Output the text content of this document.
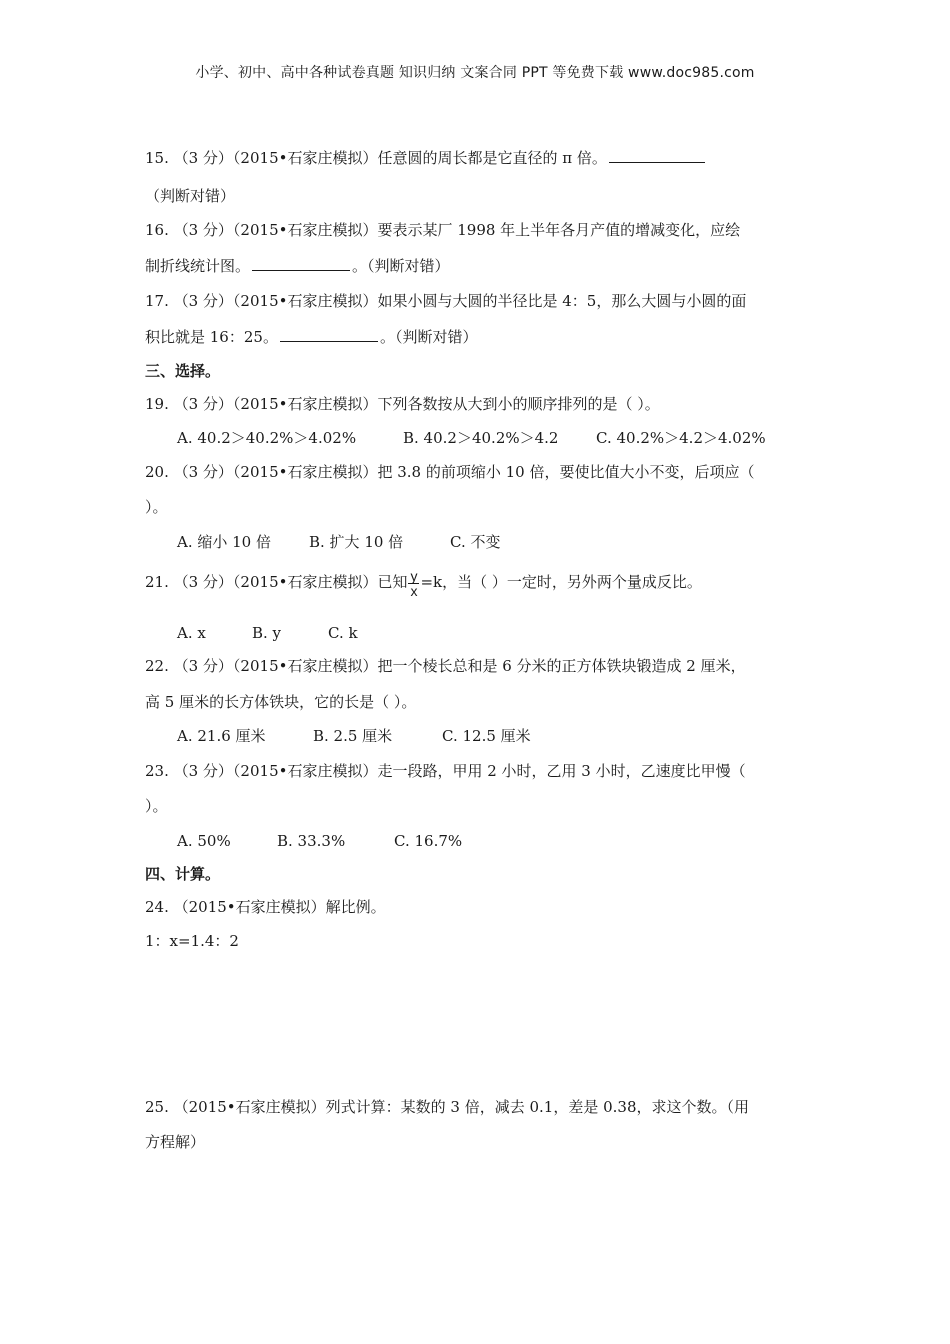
小学、初中、高中各种试卷真题 知识归纳 文案合同 PPT 等免费下载 www.doc985.com
15. （3 分）（2015•石家庄模拟）任意圆的周长都是它直径的 π 倍。
（判断对错）
16. （3 分）（2015•石家庄模拟）要表示某厂 1998 年上半年各月产值的增减变化，应绘
制折线统计图。	。（判断对错）
17. （3 分）（2015•石家庄模拟）如果小圆与大圆的半径比是 4：5，那么大圆与小圆的面
积比就是 16：25。	。（判断对错）
三、选择。
19. （3 分）（2015•石家庄模拟）下列各数按从大到小的顺序排列的是（ ）。
A. 40.2＞40.2%＞4.02%	B. 40.2＞40.2%＞4.2	C. 40.2%＞4.2＞4.02%
20. （3 分）（2015•石家庄模拟）把 3.8 的前项缩小 10 倍，要使比值大小不变，后项应（
）。
A. 缩小 10 倍	B. 扩大 10 倍	C. 不变
21. （3 分）（2015•石家庄模拟）已知 $\frac{y}{x} =k$，当（ ）一定时，另外两个量成反比。
A. x	B. y	C. k
22. （3 分）（2015•石家庄模拟）把一个棱长总和是 6 分米的正方体铁块锻造成 2 厘米，
高 5 厘米的长方体铁块，它的长是（ ）。
A. 21.6 厘米	B. 2.5 厘米	C. 12.5 厘米
23. （3 分）（2015•石家庄模拟）走一段路，甲用 2 小时，乙用 3 小时，乙速度比甲慢（
）。
A. 50%	B. 33.3%	C. 16.7%
四、计算。
24. （2015•石家庄模拟）解比例。
1：x=1.4：2
25. （2015•石家庄模拟）列式计算：某数的 3 倍，减去 0.1，差是 0.38，求这个数。（用
方程解）
